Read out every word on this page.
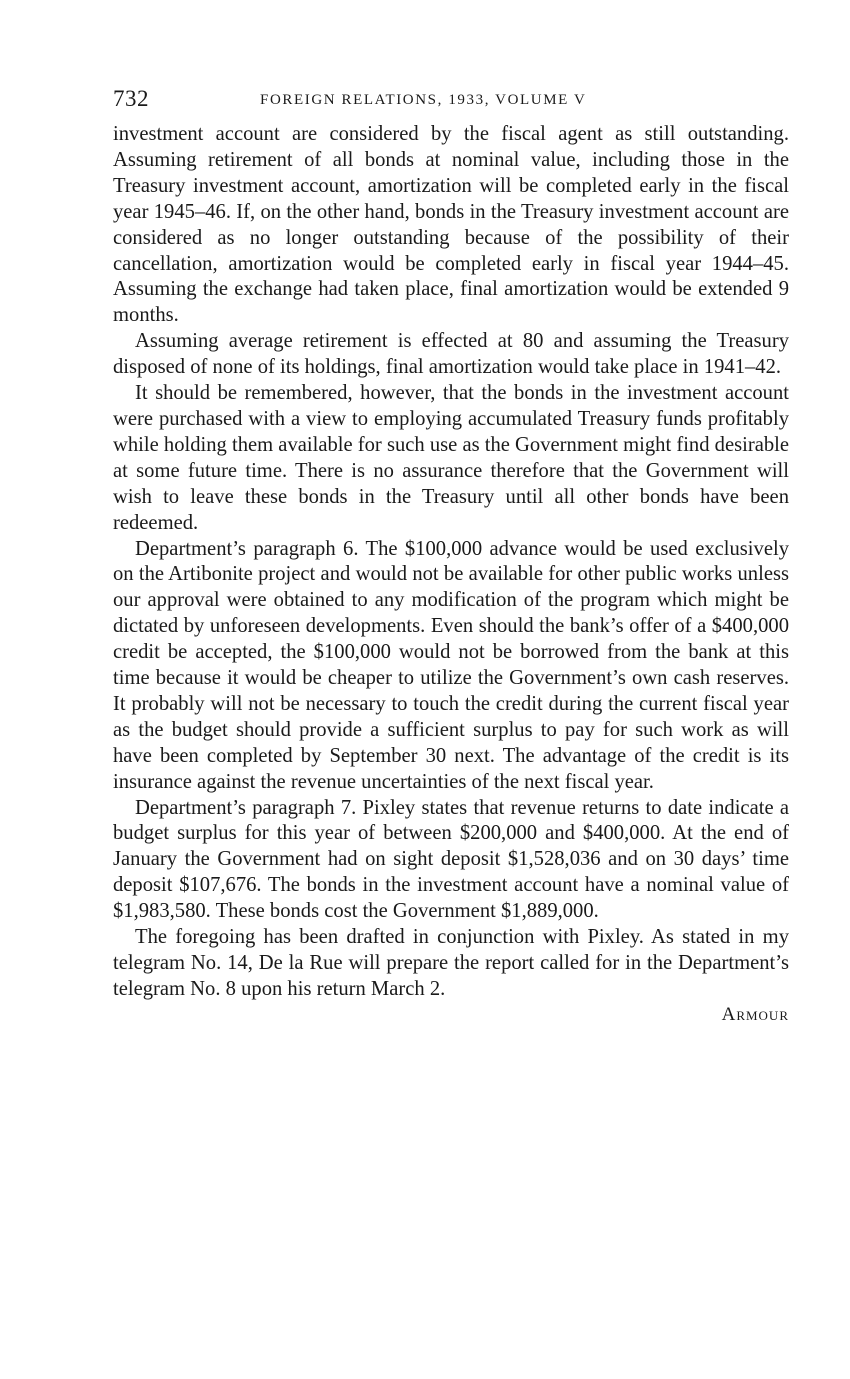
732	FOREIGN RELATIONS, 1933, VOLUME V

investment account are considered by the fiscal agent as still outstanding. Assuming retirement of all bonds at nominal value, including those in the Treasury investment account, amortization will be completed early in the fiscal year 1945–46. If, on the other hand, bonds in the Treasury investment account are considered as no longer outstanding because of the possibility of their cancellation, amortization would be completed early in fiscal year 1944–45. Assuming the exchange had taken place, final amortization would be extended 9 months.

Assuming average retirement is effected at 80 and assuming the Treasury disposed of none of its holdings, final amortization would take place in 1941–42.

It should be remembered, however, that the bonds in the investment account were purchased with a view to employing accumulated Treasury funds profitably while holding them available for such use as the Government might find desirable at some future time. There is no assurance therefore that the Government will wish to leave these bonds in the Treasury until all other bonds have been redeemed.

Department’s paragraph 6. The $100,000 advance would be used exclusively on the Artibonite project and would not be available for other public works unless our approval were obtained to any modification of the program which might be dictated by unforeseen developments. Even should the bank’s offer of a $400,000 credit be accepted, the $100,000 would not be borrowed from the bank at this time because it would be cheaper to utilize the Government’s own cash reserves. It probably will not be necessary to touch the credit during the current fiscal year as the budget should provide a sufficient surplus to pay for such work as will have been completed by September 30 next. The advantage of the credit is its insurance against the revenue uncertainties of the next fiscal year.

Department’s paragraph 7. Pixley states that revenue returns to date indicate a budget surplus for this year of between $200,000 and $400,000. At the end of January the Government had on sight deposit $1,528,036 and on 30 days’ time deposit $107,676. The bonds in the investment account have a nominal value of $1,983,580. These bonds cost the Government $1,889,000.

The foregoing has been drafted in conjunction with Pixley. As stated in my telegram No. 14, De la Rue will prepare the report called for in the Department’s telegram No. 8 upon his return March 2.

Armour
